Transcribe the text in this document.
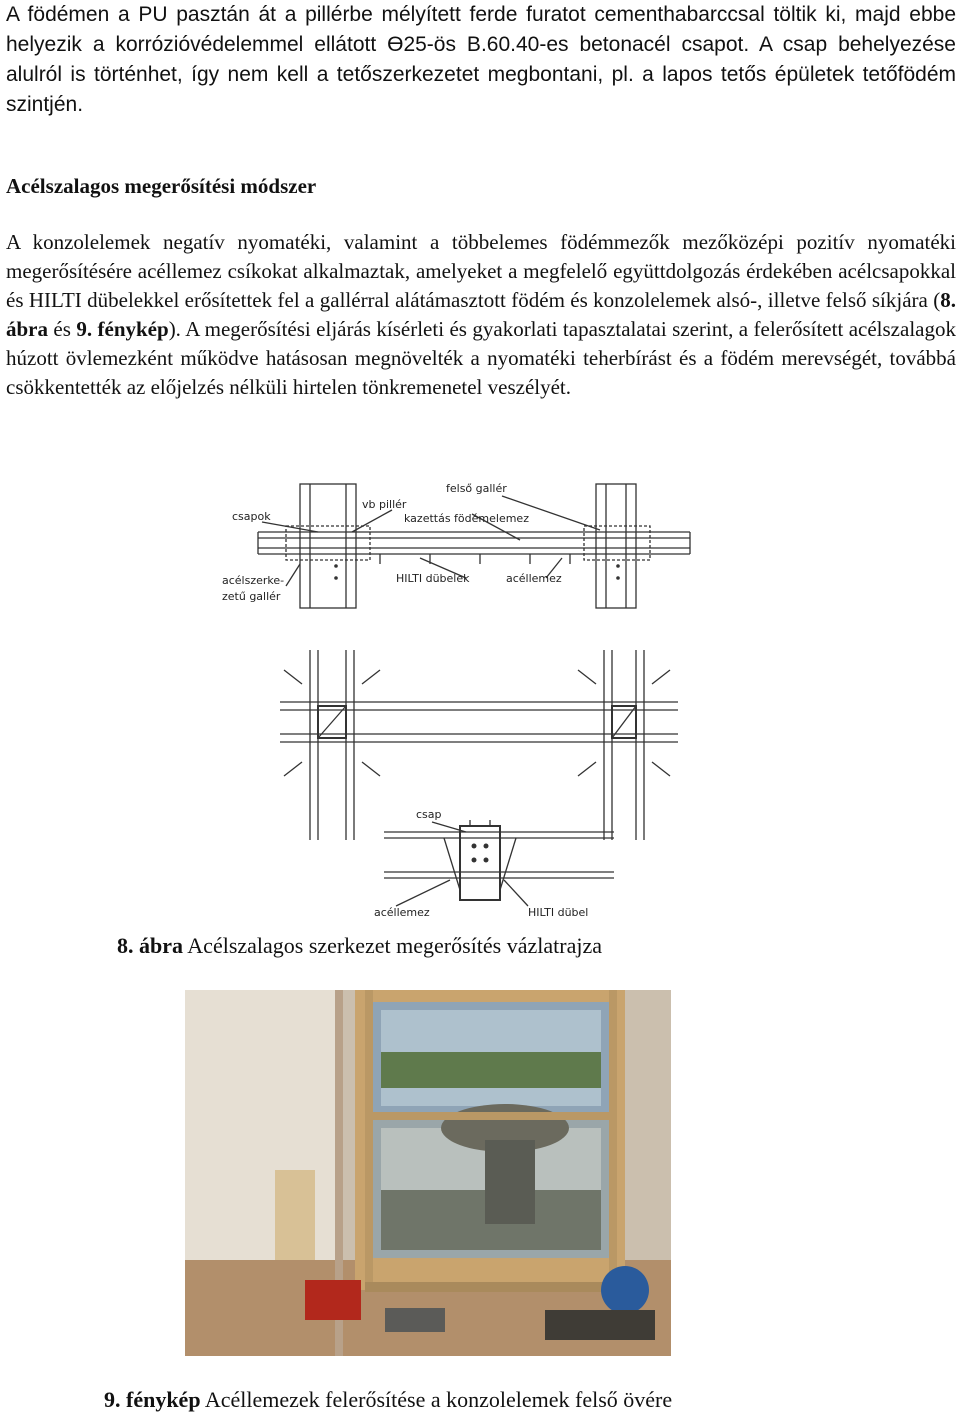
A födémen a PU pasztán át a pillérbe mélyített ferde furatot cementhabarccsal töltik ki, majd ebbe helyezik a korrózióvédelemmel ellátott Ө25-ös B.60.40-es betonacél csapot. A csap behelyezése alulról is történhet, így nem kell a tetőszerkezetet megbontani, pl. a lapos tetős épületek tetőfödém szintjén.
Acélszalagos megerősítési módszer
A konzolelemek negatív nyomatéki, valamint a többelemes födémmezők mezőközépi pozitív nyomatéki megerősítésére acéllemez csíkokat alkalmaztak, amelyeket a megfelelő együttdolgozás érdekében acélcsapokkal és HILTI dübelekkel erősítettek fel a gallérral alátámasztott födém és konzolelemek alsó-, illetve felső síkjára (8. ábra és 9. fénykép). A megerősítési eljárás kísérleti és gyakorlati tapasztalatai szerint, a felerősített acélszalagok húzott övlemezként működve hatásosan megnövelték a nyomatéki teherbírást és a födém merevségét, továbbá csökkentették az előjelzés nélküli hirtelen tönkremenetel veszélyét.
felső gallér
vb pillér
csapok	kazettás födémelemez
acélszerke-
zetű gallér
HILTI dübelek	acéllemez
csap
acéllemez	HILTI dübel
8. ábra Acélszalagos szerkezet megerősítés vázlatrajza
9. fénykép Acéllemezek felerősítése a konzolelemek felső övére
